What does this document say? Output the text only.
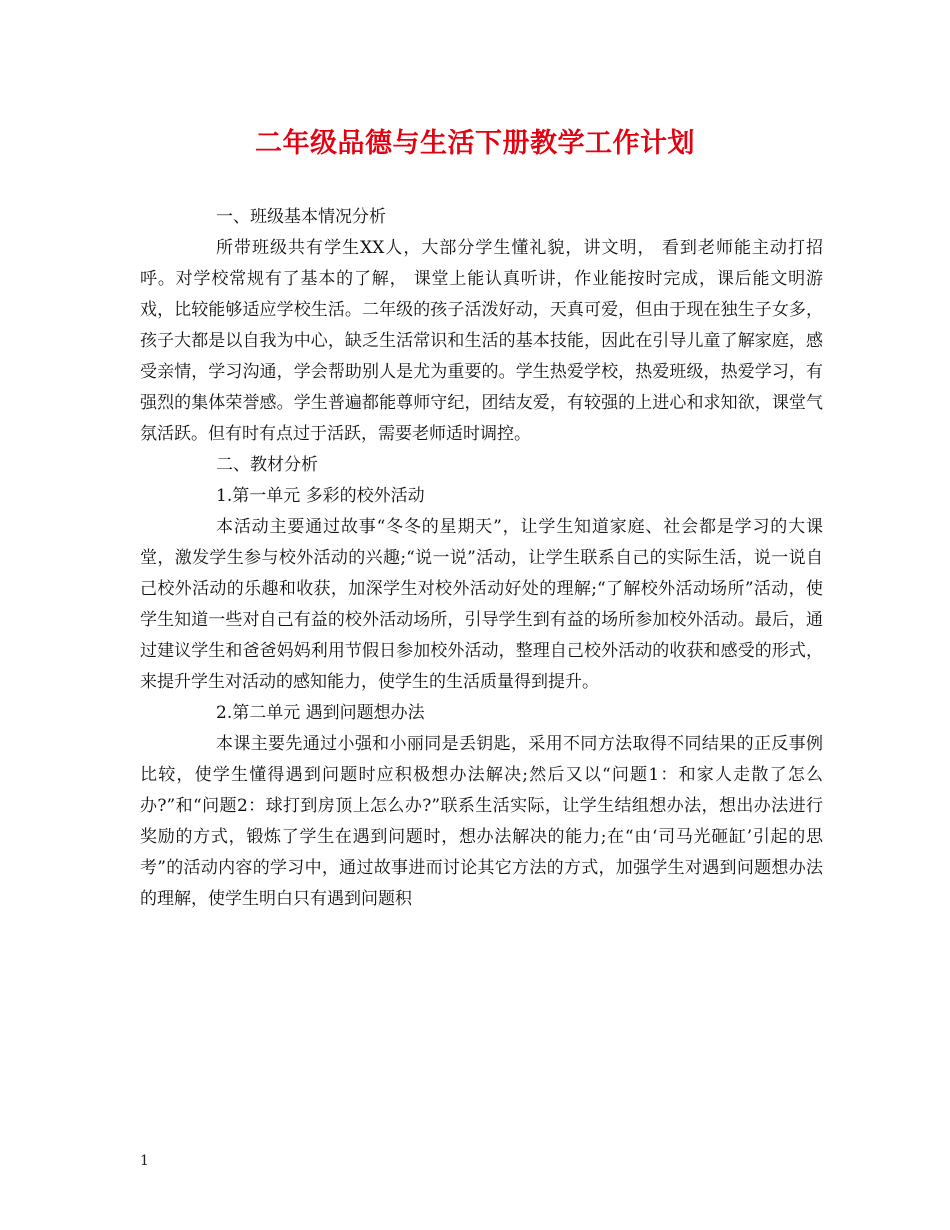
二年级品德与生活下册教学工作计划

一、班级基本情况分析

所带班级共有学生XX人，大部分学生懂礼貌，讲文明， 看到老师能主动打招呼。对学校常规有了基本的了解， 课堂上能认真听讲，作业能按时完成，课后能文明游戏，比较能够适应学校生活。二年级的孩子活泼好动，天真可爱，但由于现在独生子女多，孩子大都是以自我为中心，缺乏生活常识和生活的基本技能，因此在引导儿童了解家庭，感受亲情，学习沟通，学会帮助别人是尤为重要的。学生热爱学校，热爱班级，热爱学习，有强烈的集体荣誉感。学生普遍都能尊师守纪，团结友爱，有较强的上进心和求知欲，课堂气氛活跃。但有时有点过于活跃，需要老师适时调控。

二、教材分析

1.第一单元 多彩的校外活动

本活动主要通过故事“冬冬的星期天”，让学生知道家庭、社会都是学习的大课堂，激发学生参与校外活动的兴趣;“说一说”活动，让学生联系自己的实际生活，说一说自己校外活动的乐趣和收获，加深学生对校外活动好处的理解;“了解校外活动场所”活动，使学生知道一些对自己有益的校外活动场所，引导学生到有益的场所参加校外活动。最后，通过建议学生和爸爸妈妈利用节假日参加校外活动，整理自己校外活动的收获和感受的形式，来提升学生对活动的感知能力，使学生的生活质量得到提升。

2.第二单元 遇到问题想办法

本课主要先通过小强和小丽同是丢钥匙，采用不同方法取得不同结果的正反事例比较，使学生懂得遇到问题时应积极想办法解决;然后又以“问题1：和家人走散了怎么办?”和“问题2：球打到房顶上怎么办?”联系生活实际，让学生结组想办法，想出办法进行奖励的方式，锻炼了学生在遇到问题时，想办法解决的能力;在“由‘司马光砸缸’引起的思考”的活动内容的学习中，通过故事进而讨论其它方法的方式，加强学生对遇到问题想办法的理解，使学生明白只有遇到问题积

1
